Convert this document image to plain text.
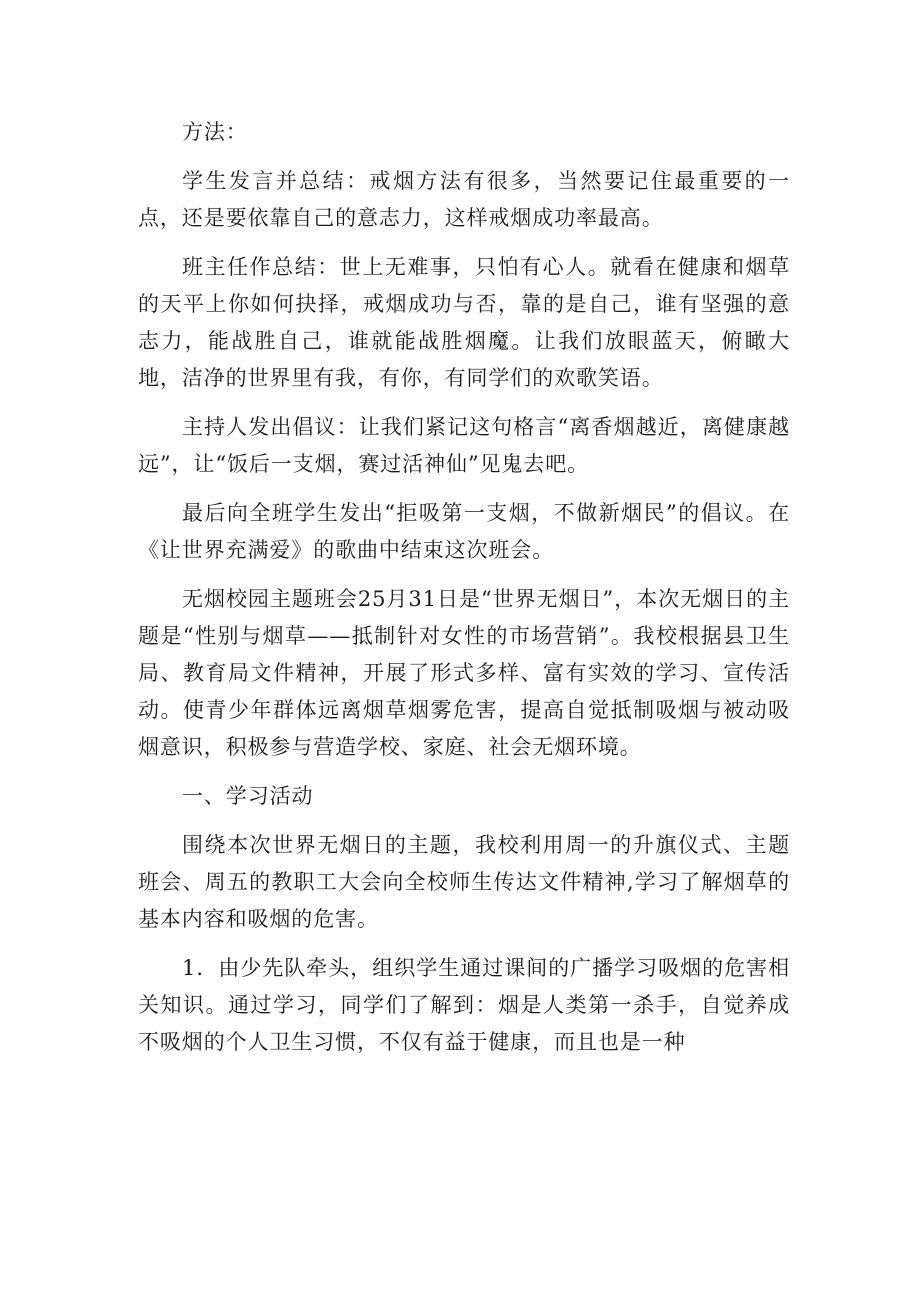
方法：

学生发言并总结：戒烟方法有很多，当然要记住最重要的一点，还是要依靠自己的意志力，这样戒烟成功率最高。

班主任作总结：世上无难事，只怕有心人。就看在健康和烟草的天平上你如何抉择，戒烟成功与否，靠的是自己，谁有坚强的意志力，能战胜自己，谁就能战胜烟魔。让我们放眼蓝天，俯瞰大地，洁净的世界里有我，有你，有同学们的欢歌笑语。

主持人发出倡议：让我们紧记这句格言“离香烟越近，离健康越远”，让“饭后一支烟，赛过活神仙”见鬼去吧。

最后向全班学生发出“拒吸第一支烟，不做新烟民”的倡议。在《让世界充满爱》的歌曲中结束这次班会。

无烟校园主题班会25月31日是“世界无烟日”，本次无烟日的主题是“性别与烟草——抵制针对女性的市场营销”。我校根据县卫生局、教育局文件精神，开展了形式多样、富有实效的学习、宣传活动。使青少年群体远离烟草烟雾危害，提高自觉抵制吸烟与被动吸烟意识，积极参与营造学校、家庭、社会无烟环境。

一、学习活动

围绕本次世界无烟日的主题，我校利用周一的升旗仪式、主题班会、周五的教职工大会向全校师生传达文件精神,学习了解烟草的基本内容和吸烟的危害。

1．由少先队牵头，组织学生通过课间的广播学习吸烟的危害相关知识。通过学习，同学们了解到：烟是人类第一杀手，自觉养成不吸烟的个人卫生习惯，不仅有益于健康，而且也是一种
